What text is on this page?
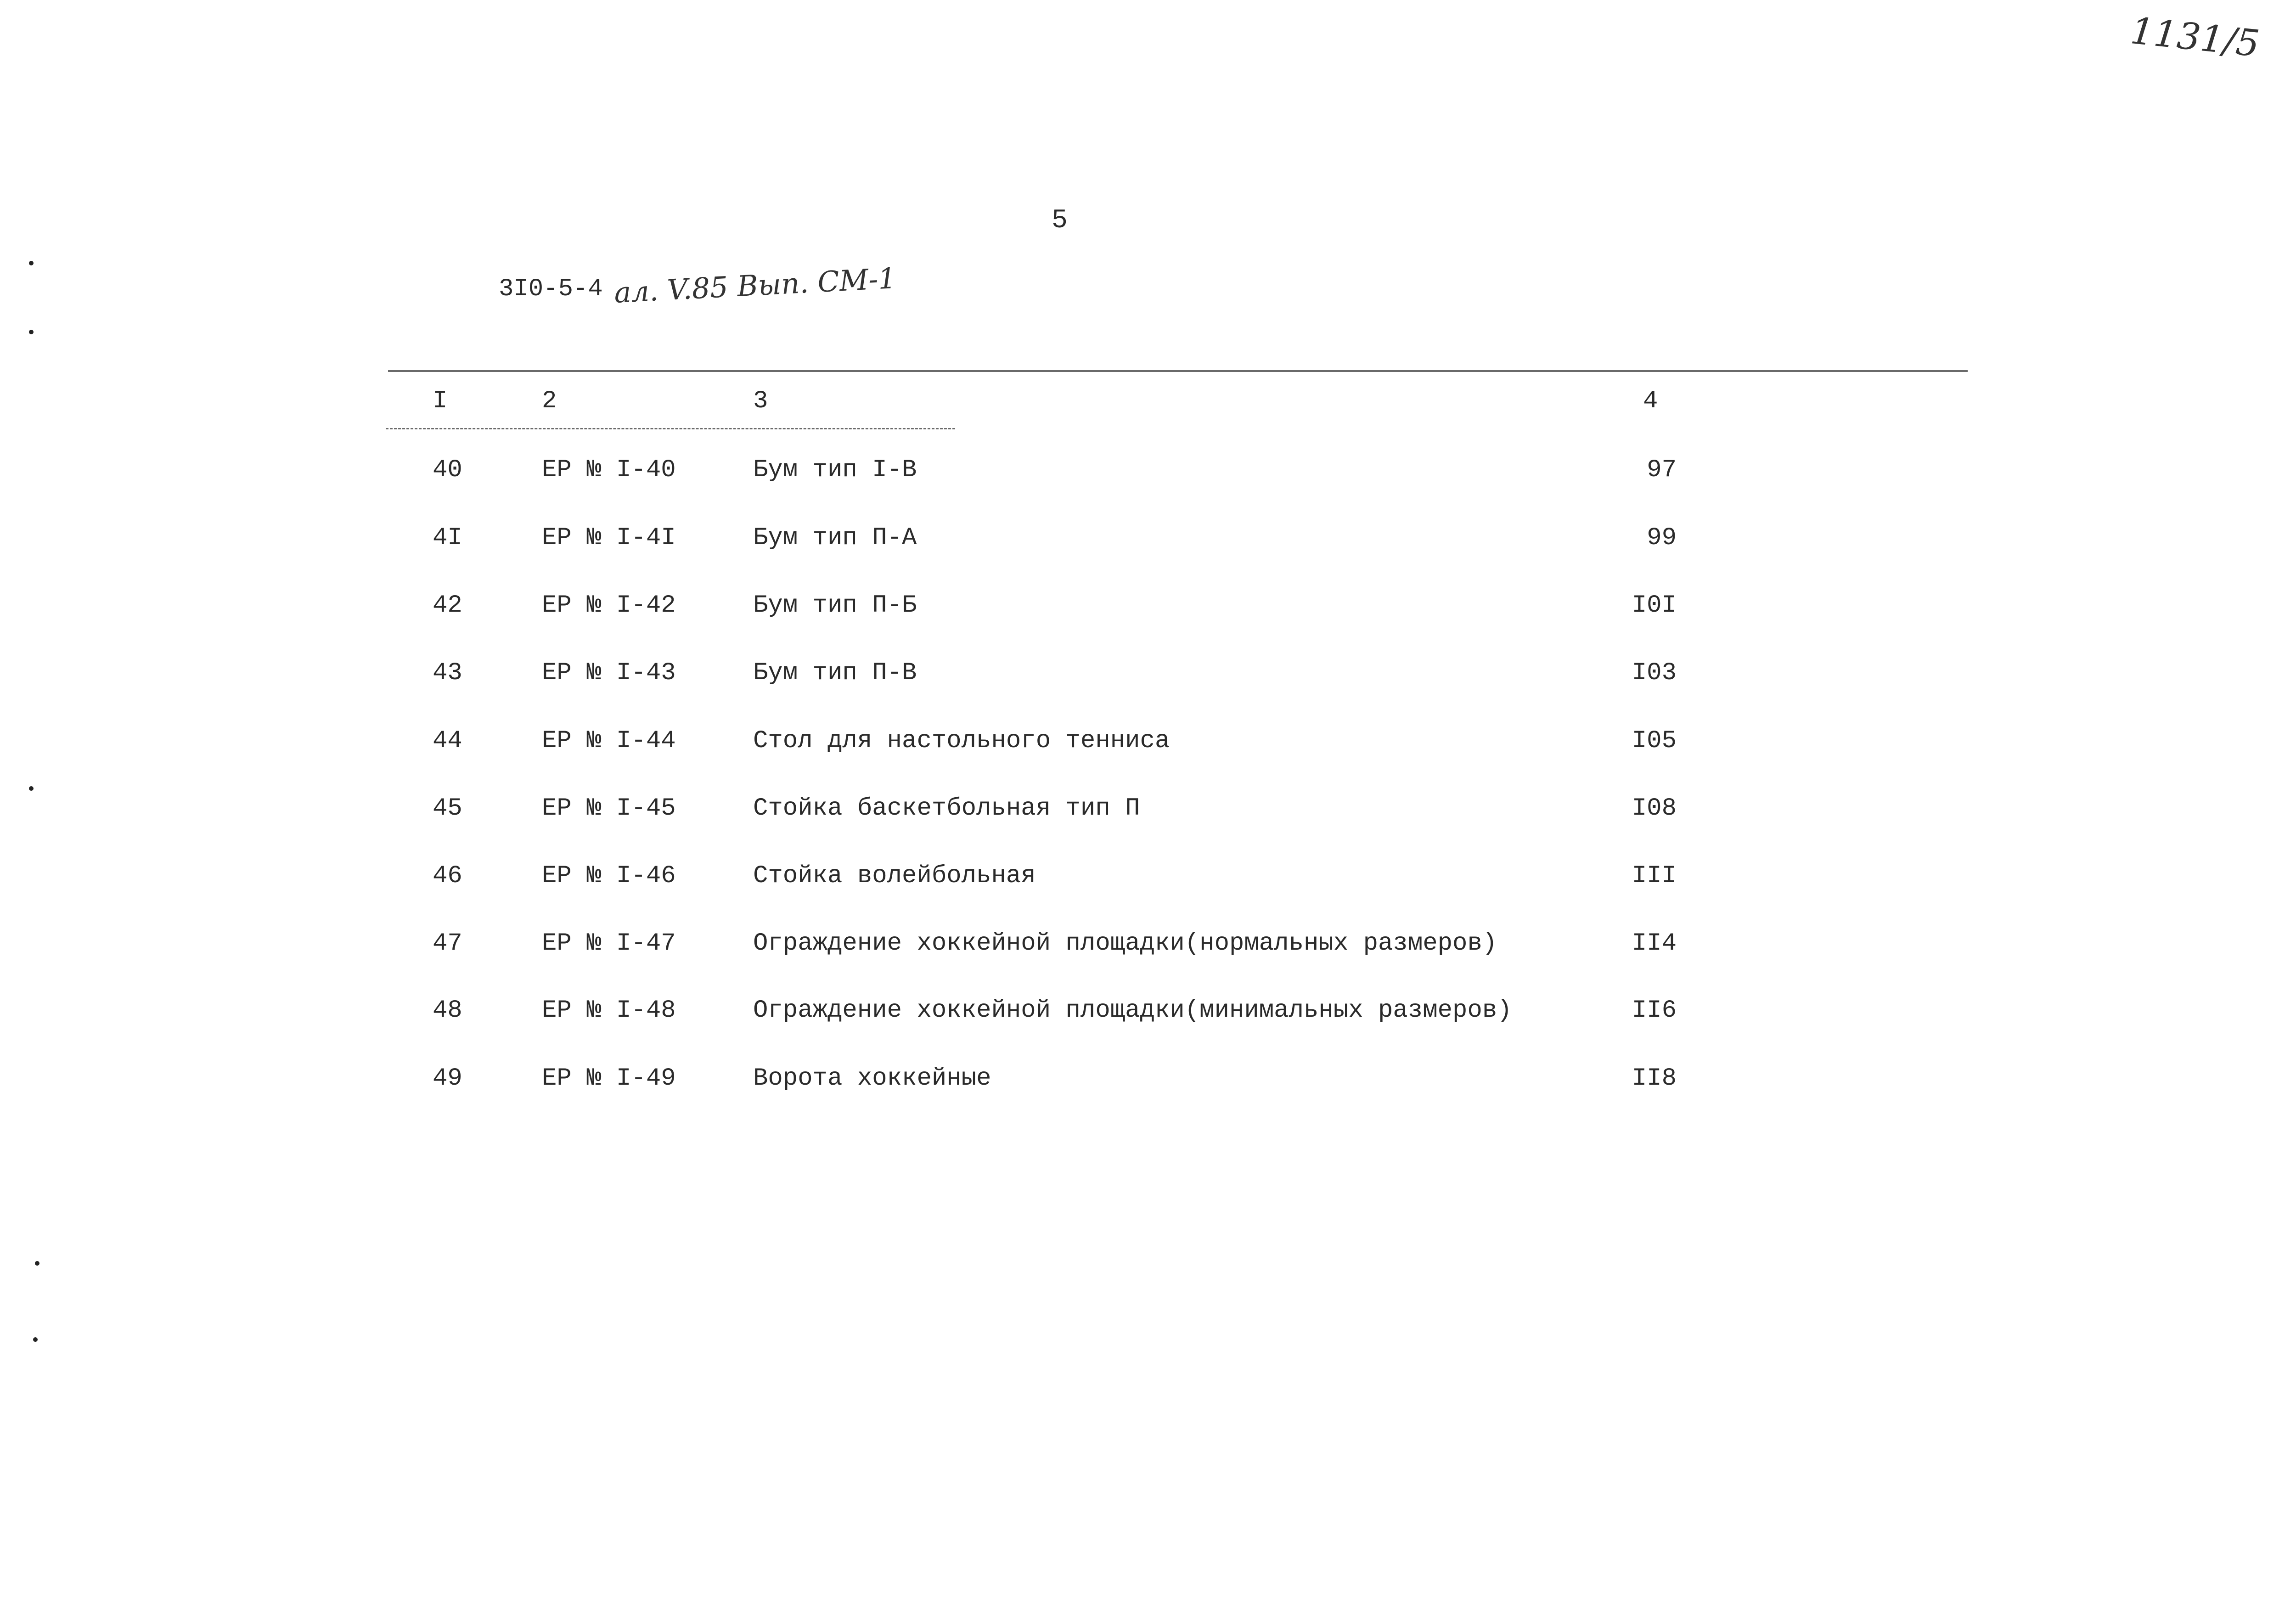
1131/5
5
3I0-5-4 ал. V.85 Вып. СМ-1
I	2	3	4
40	ЕР № I-40	Бум тип I-В	97
4I	ЕР № I-4I	Бум тип П-А	99
42	ЕР № I-42	Бум тип П-Б	I0I
43	ЕР № I-43	Бум тип П-В	I03
44	ЕР № I-44	Стол для настольного тенниса	I05
45	ЕР № I-45	Стойка баскетбольная тип П	I08
46	ЕР № I-46	Стойка волейбольная	III
47	ЕР № I-47	Ограждение хоккейной площадки(нормальных размеров)	II4
48	ЕР № I-48	Ограждение хоккейной площадки(минимальных размеров)	II6
49	ЕР № I-49	Ворота хоккейные	II8
